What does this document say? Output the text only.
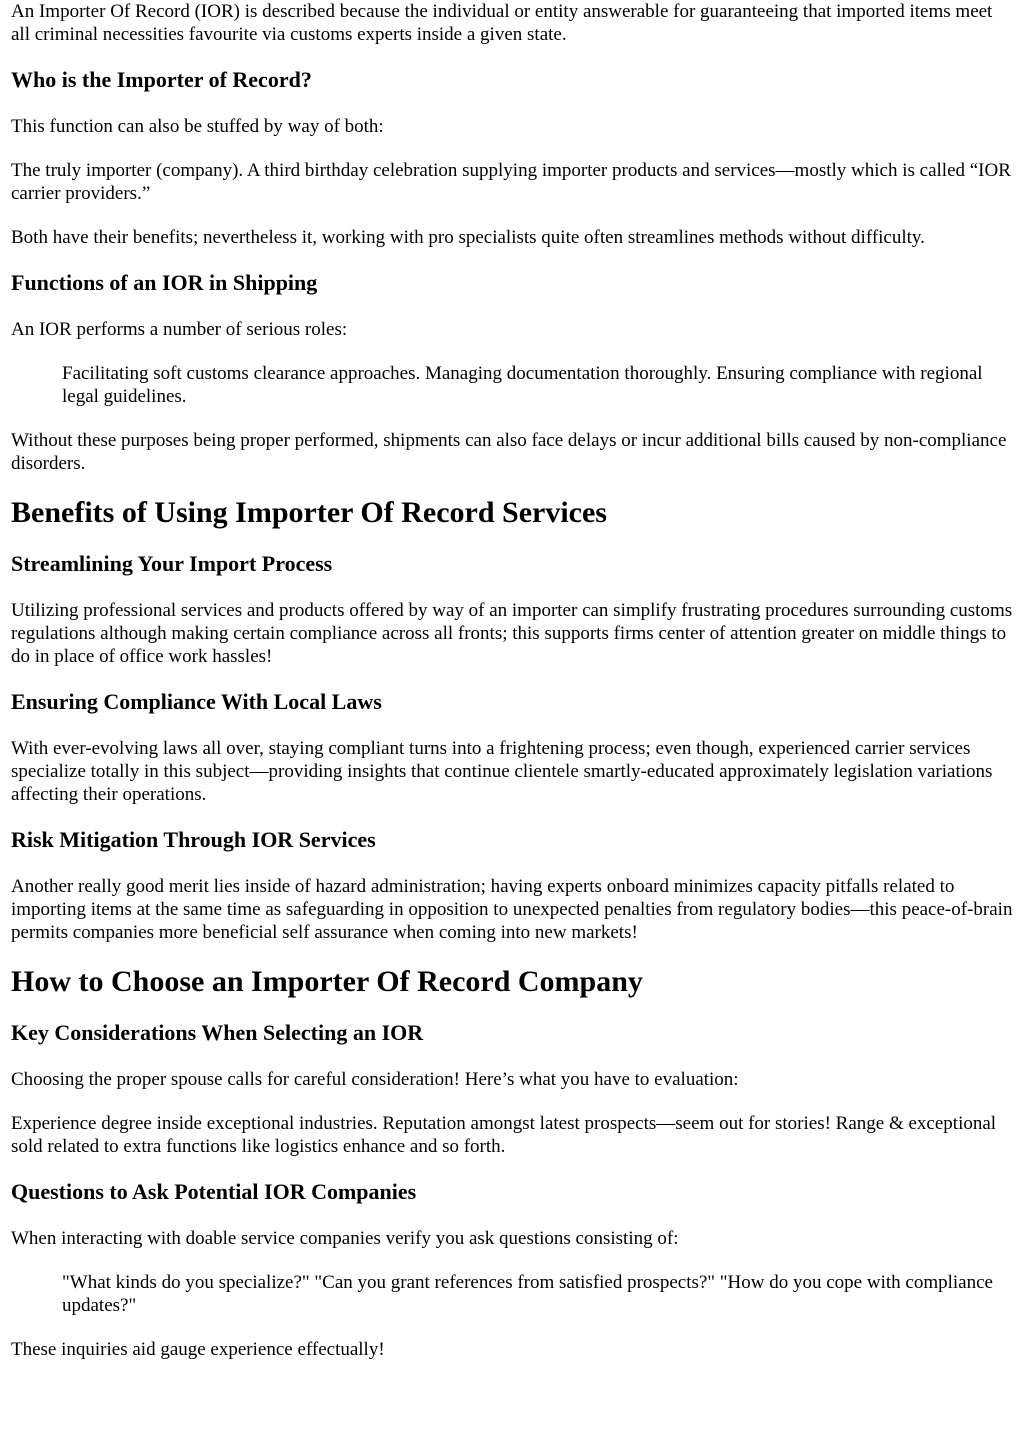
An Importer Of Record (IOR) is described because the individual or entity answerable for guaranteeing that imported items meet all criminal necessities favourite via customs experts inside a given state.

Who is the Importer of Record?

This function can also be stuffed by way of both:

The truly importer (company). A third birthday celebration supplying importer products and services—mostly which is called “IOR carrier providers.”

Both have their benefits; nevertheless it, working with pro specialists quite often streamlines methods without difficulty.

Functions of an IOR in Shipping

An IOR performs a number of serious roles:

Facilitating soft customs clearance approaches. Managing documentation thoroughly. Ensuring compliance with regional legal guidelines.

Without these purposes being proper performed, shipments can also face delays or incur additional bills caused by non-compliance disorders.

Benefits of Using Importer Of Record Services
Streamlining Your Import Process

Utilizing professional services and products offered by way of an importer can simplify frustrating procedures surrounding customs regulations although making certain compliance across all fronts; this supports firms center of attention greater on middle things to do in place of office work hassles!

Ensuring Compliance With Local Laws

With ever-evolving laws all over, staying compliant turns into a frightening process; even though, experienced carrier services specialize totally in this subject—providing insights that continue clientele smartly-educated approximately legislation variations affecting their operations.

Risk Mitigation Through IOR Services

Another really good merit lies inside of hazard administration; having experts onboard minimizes capacity pitfalls related to importing items at the same time as safeguarding in opposition to unexpected penalties from regulatory bodies—this peace-of-brain permits companies more beneficial self assurance when coming into new markets!

How to Choose an Importer Of Record Company
Key Considerations When Selecting an IOR

Choosing the proper spouse calls for careful consideration! Here’s what you have to evaluation:

Experience degree inside exceptional industries. Reputation amongst latest prospects—seem out for stories! Range & exceptional sold related to extra functions like logistics enhance and so forth.

Questions to Ask Potential IOR Companies

When interacting with doable service companies verify you ask questions consisting of:

"What kinds do you specialize?" "Can you grant references from satisfied prospects?" "How do you cope with compliance updates?"

These inquiries aid gauge experience effectually!
